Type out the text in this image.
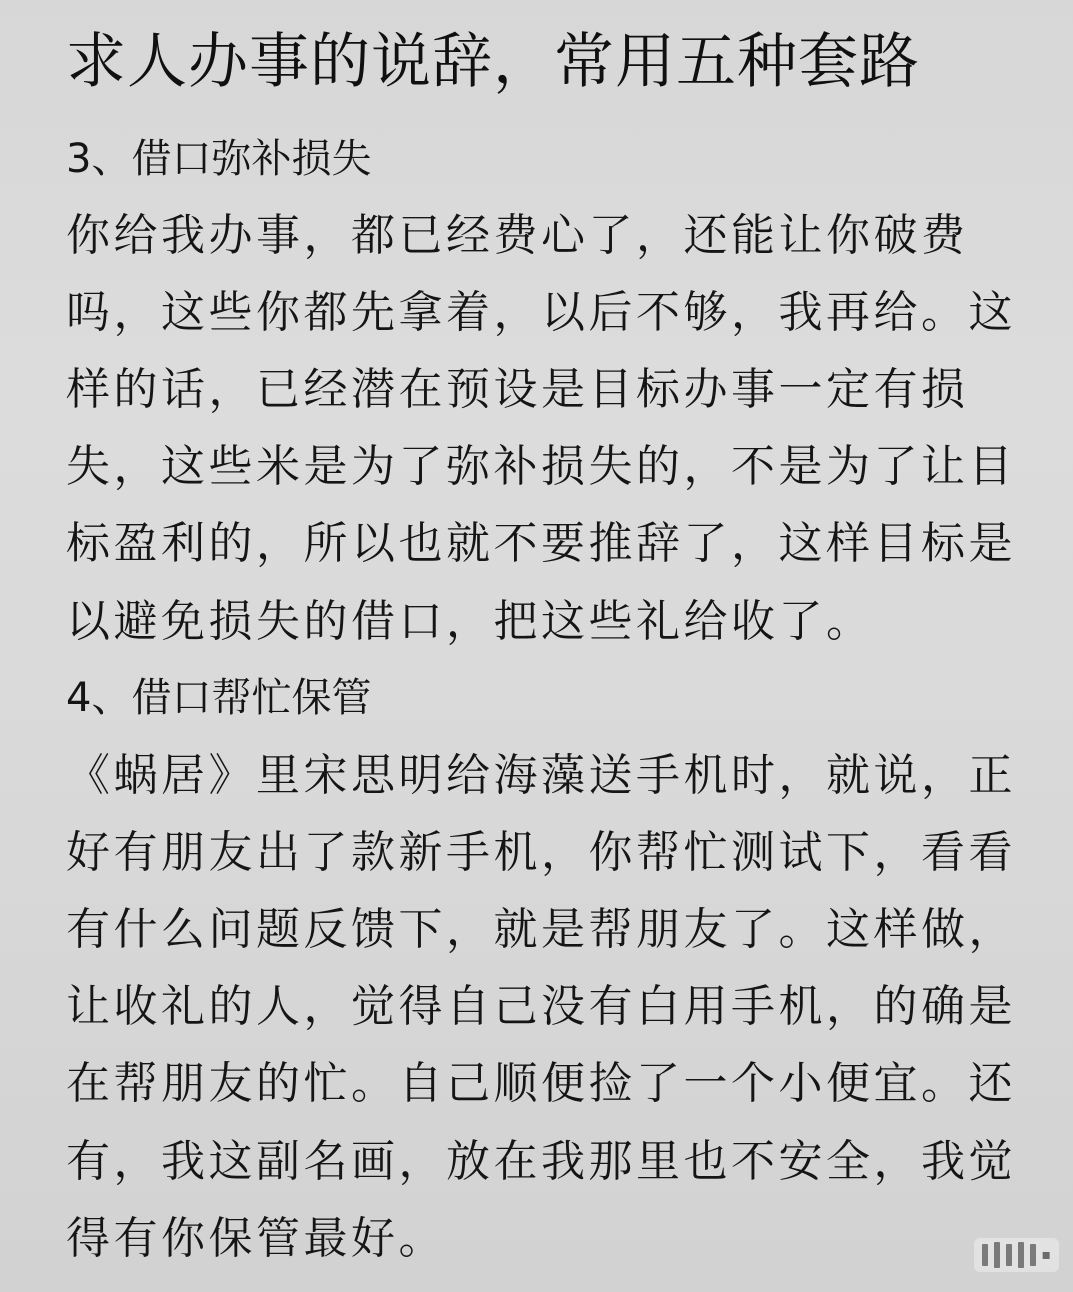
求人办事的说辞，常用五种套路
3、借口弥补损失
你给我办事，都已经费心了，还能让你破费
吗，这些你都先拿着，以后不够，我再给。这
样的话，已经潜在预设是目标办事一定有损
失，这些米是为了弥补损失的，不是为了让目
标盈利的，所以也就不要推辞了，这样目标是
以避免损失的借口，把这些礼给收了。
4、借口帮忙保管
《蜗居》里宋思明给海藻送手机时，就说，正
好有朋友出了款新手机，你帮忙测试下，看看
有什么问题反馈下，就是帮朋友了。这样做，
让收礼的人，觉得自己没有白用手机，的确是
在帮朋友的忙。自己顺便捡了一个小便宜。还
有，我这副名画，放在我那里也不安全，我觉
得有你保管最好。	▪
